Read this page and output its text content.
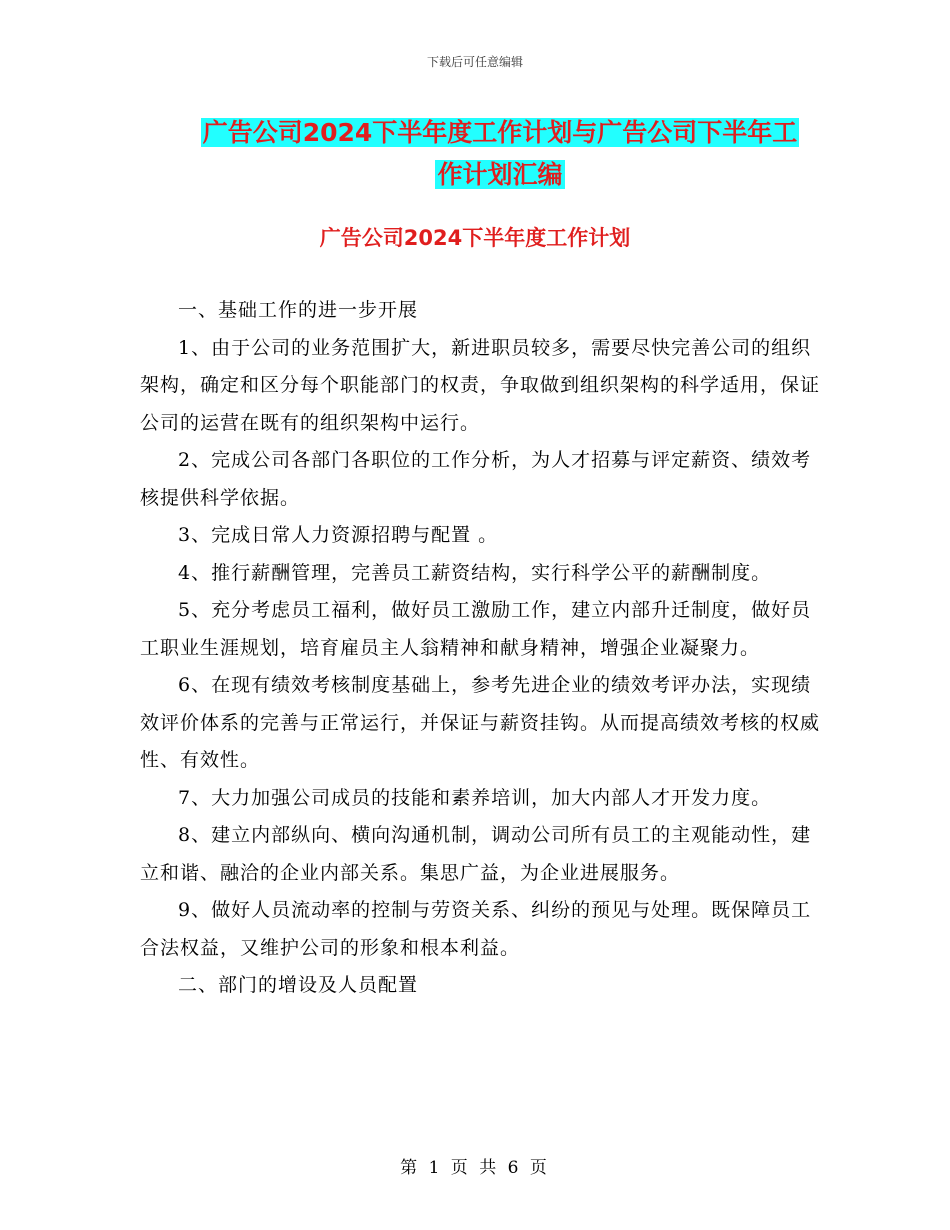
下载后可任意编辑
广告公司2024下半年度工作计划与广告公司下半年工
作计划汇编
广告公司2024下半年度工作计划

一、基础工作的进一步开展

1、由于公司的业务范围扩大，新进职员较多，需要尽快完善公司的组织架构，确定和区分每个职能部门的权责，争取做到组织架构的科学适用，保证公司的运营在既有的组织架构中运行。

2、完成公司各部门各职位的工作分析，为人才招募与评定薪资、绩效考核提供科学依据。

3、完成日常人力资源招聘与配置 。

4、推行薪酬管理，完善员工薪资结构，实行科学公平的薪酬制度。

5、充分考虑员工福利，做好员工激励工作，建立内部升迁制度，做好员工职业生涯规划，培育雇员主人翁精神和献身精神，增强企业凝聚力。

6、在现有绩效考核制度基础上，参考先进企业的绩效考评办法，实现绩效评价体系的完善与正常运行，并保证与薪资挂钩。从而提高绩效考核的权威性、有效性。

7、大力加强公司成员的技能和素养培训，加大内部人才开发力度。

8、建立内部纵向、横向沟通机制，调动公司所有员工的主观能动性，建立和谐、融洽的企业内部关系。集思广益，为企业进展服务。

9、做好人员流动率的控制与劳资关系、纠纷的预见与处理。既保障员工合法权益，又维护公司的形象和根本利益。

二、部门的增设及人员配置

第 1 页 共 6 页
